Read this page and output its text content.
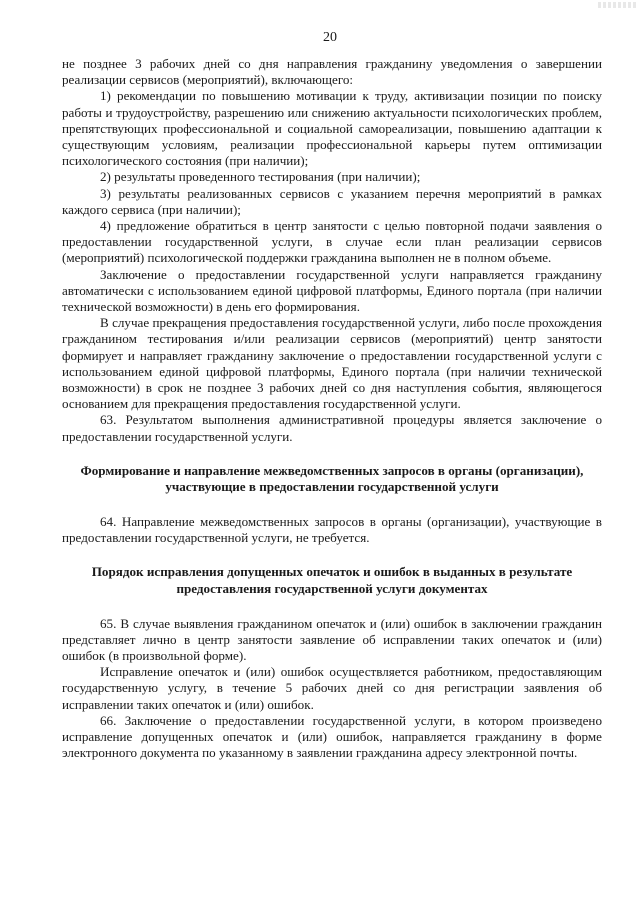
20

не позднее 3 рабочих дней со дня направления гражданину уведомления о завершении реализации сервисов (мероприятий), включающего:

1) рекомендации по повышению мотивации к труду, активизации позиции по поиску работы и трудоустройству, разрешению или снижению актуальности психологических проблем, препятствующих профессиональной и социальной самореализации, повышению адаптации к существующим условиям, реализации профессиональной карьеры путем оптимизации психологического состояния (при наличии);

2) результаты проведенного тестирования (при наличии);

3) результаты реализованных сервисов с указанием перечня мероприятий в рамках каждого сервиса (при наличии);

4) предложение обратиться в центр занятости с целью повторной подачи заявления о предоставлении государственной услуги, в случае если план реализации сервисов (мероприятий) психологической поддержки гражданина выполнен не в полном объеме.

Заключение о предоставлении государственной услуги направляется гражданину автоматически с использованием единой цифровой платформы, Единого портала (при наличии технической возможности) в день его формирования.

В случае прекращения предоставления государственной услуги, либо после прохождения гражданином тестирования и/или реализации сервисов (мероприятий) центр занятости формирует и направляет гражданину заключение о предоставлении государственной услуги с использованием единой цифровой платформы, Единого портала (при наличии технической возможности) в срок не позднее 3 рабочих дней со дня наступления события, являющегося основанием для прекращения предоставления государственной услуги.

63. Результатом выполнения административной процедуры является заключение о предоставлении государственной услуги.

Формирование и направление межведомственных запросов в органы (организации), участвующие в предоставлении государственной услуги

64. Направление межведомственных запросов в органы (организации), участвующие в предоставлении государственной услуги, не требуется.

Порядок исправления допущенных опечаток и ошибок в выданных в результате предоставления государственной услуги документах

65. В случае выявления гражданином опечаток и (или) ошибок в заключении гражданин представляет лично в центр занятости заявление об исправлении таких опечаток и (или) ошибок (в произвольной форме).

Исправление опечаток и (или) ошибок осуществляется работником, предоставляющим государственную услугу, в течение 5 рабочих дней со дня регистрации заявления об исправлении таких опечаток и (или) ошибок.

66. Заключение о предоставлении государственной услуги, в котором произведено исправление допущенных опечаток и (или) ошибок, направляется гражданину в форме электронного документа по указанному в заявлении гражданина адресу электронной почты.
